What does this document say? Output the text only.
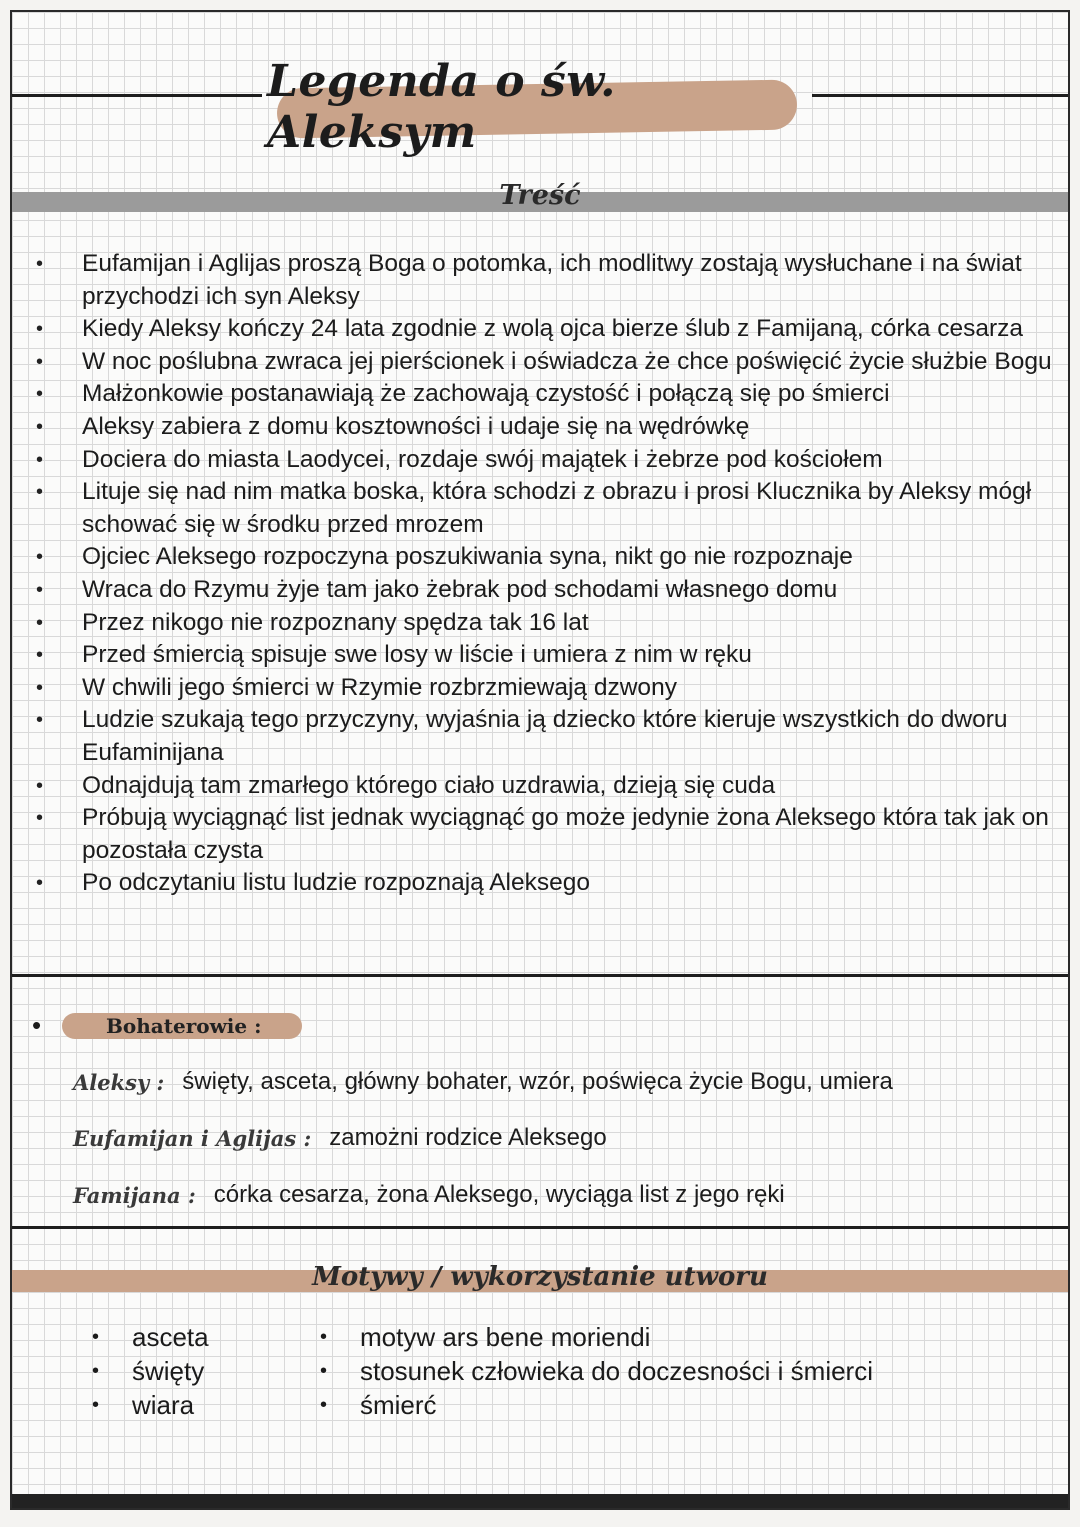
Legenda o św. Aleksym
Treść
• Eufamijan i Aglijas proszą Boga o potomka, ich modlitwy zostają wysłuchane i na świat przychodzi ich syn Aleksy
• Kiedy Aleksy kończy 24 lata zgodnie z wolą ojca bierze ślub z Famijaną, córka cesarza
• W noc poślubna zwraca jej pierścionek i oświadcza że chce poświęcić życie służbie Bogu
• Małżonkowie postanawiają że zachowają czystość i połączą się po śmierci
• Aleksy zabiera z domu kosztowności i udaje się na wędrówkę
• Dociera do miasta Laodycei, rozdaje swój majątek i żebrze pod kościołem
• Lituje się nad nim matka boska, która schodzi z obrazu i prosi Klucznika by Aleksy mógł schować się w środku przed mrozem
• Ojciec Aleksego rozpoczyna poszukiwania syna, nikt go nie rozpoznaje
• Wraca do Rzymu żyje tam jako żebrak pod schodami własnego domu
• Przez nikogo nie rozpoznany spędza tak 16 lat
• Przed śmiercią spisuje swe losy w liście i umiera z nim w ręku
• W chwili jego śmierci w Rzymie rozbrzmiewają dzwony
• Ludzie szukają tego przyczyny, wyjaśnia ją dziecko które kieruje wszystkich do dworu Eufaminijana
• Odnajdują tam zmarłego którego ciało uzdrawia, dzieją się cuda
• Próbują wyciągnąć list jednak wyciągnąć go może jedynie żona Aleksego która tak jak on pozostała czysta
• Po odczytaniu listu ludzie rozpoznają Aleksego
•	Bohaterowie :
Aleksy : święty, asceta, główny bohater, wzór, poświęca życie Bogu, umiera
Eufamijan i Aglijas : zamożni rodzice Aleksego
Famijana : córka cesarza, żona Aleksego, wyciąga list z jego ręki
Motywy / wykorzystanie utworu
• asceta
• święty
• wiara
• motyw ars bene moriendi
• stosunek człowieka do doczesności i śmierci
• śmierć
